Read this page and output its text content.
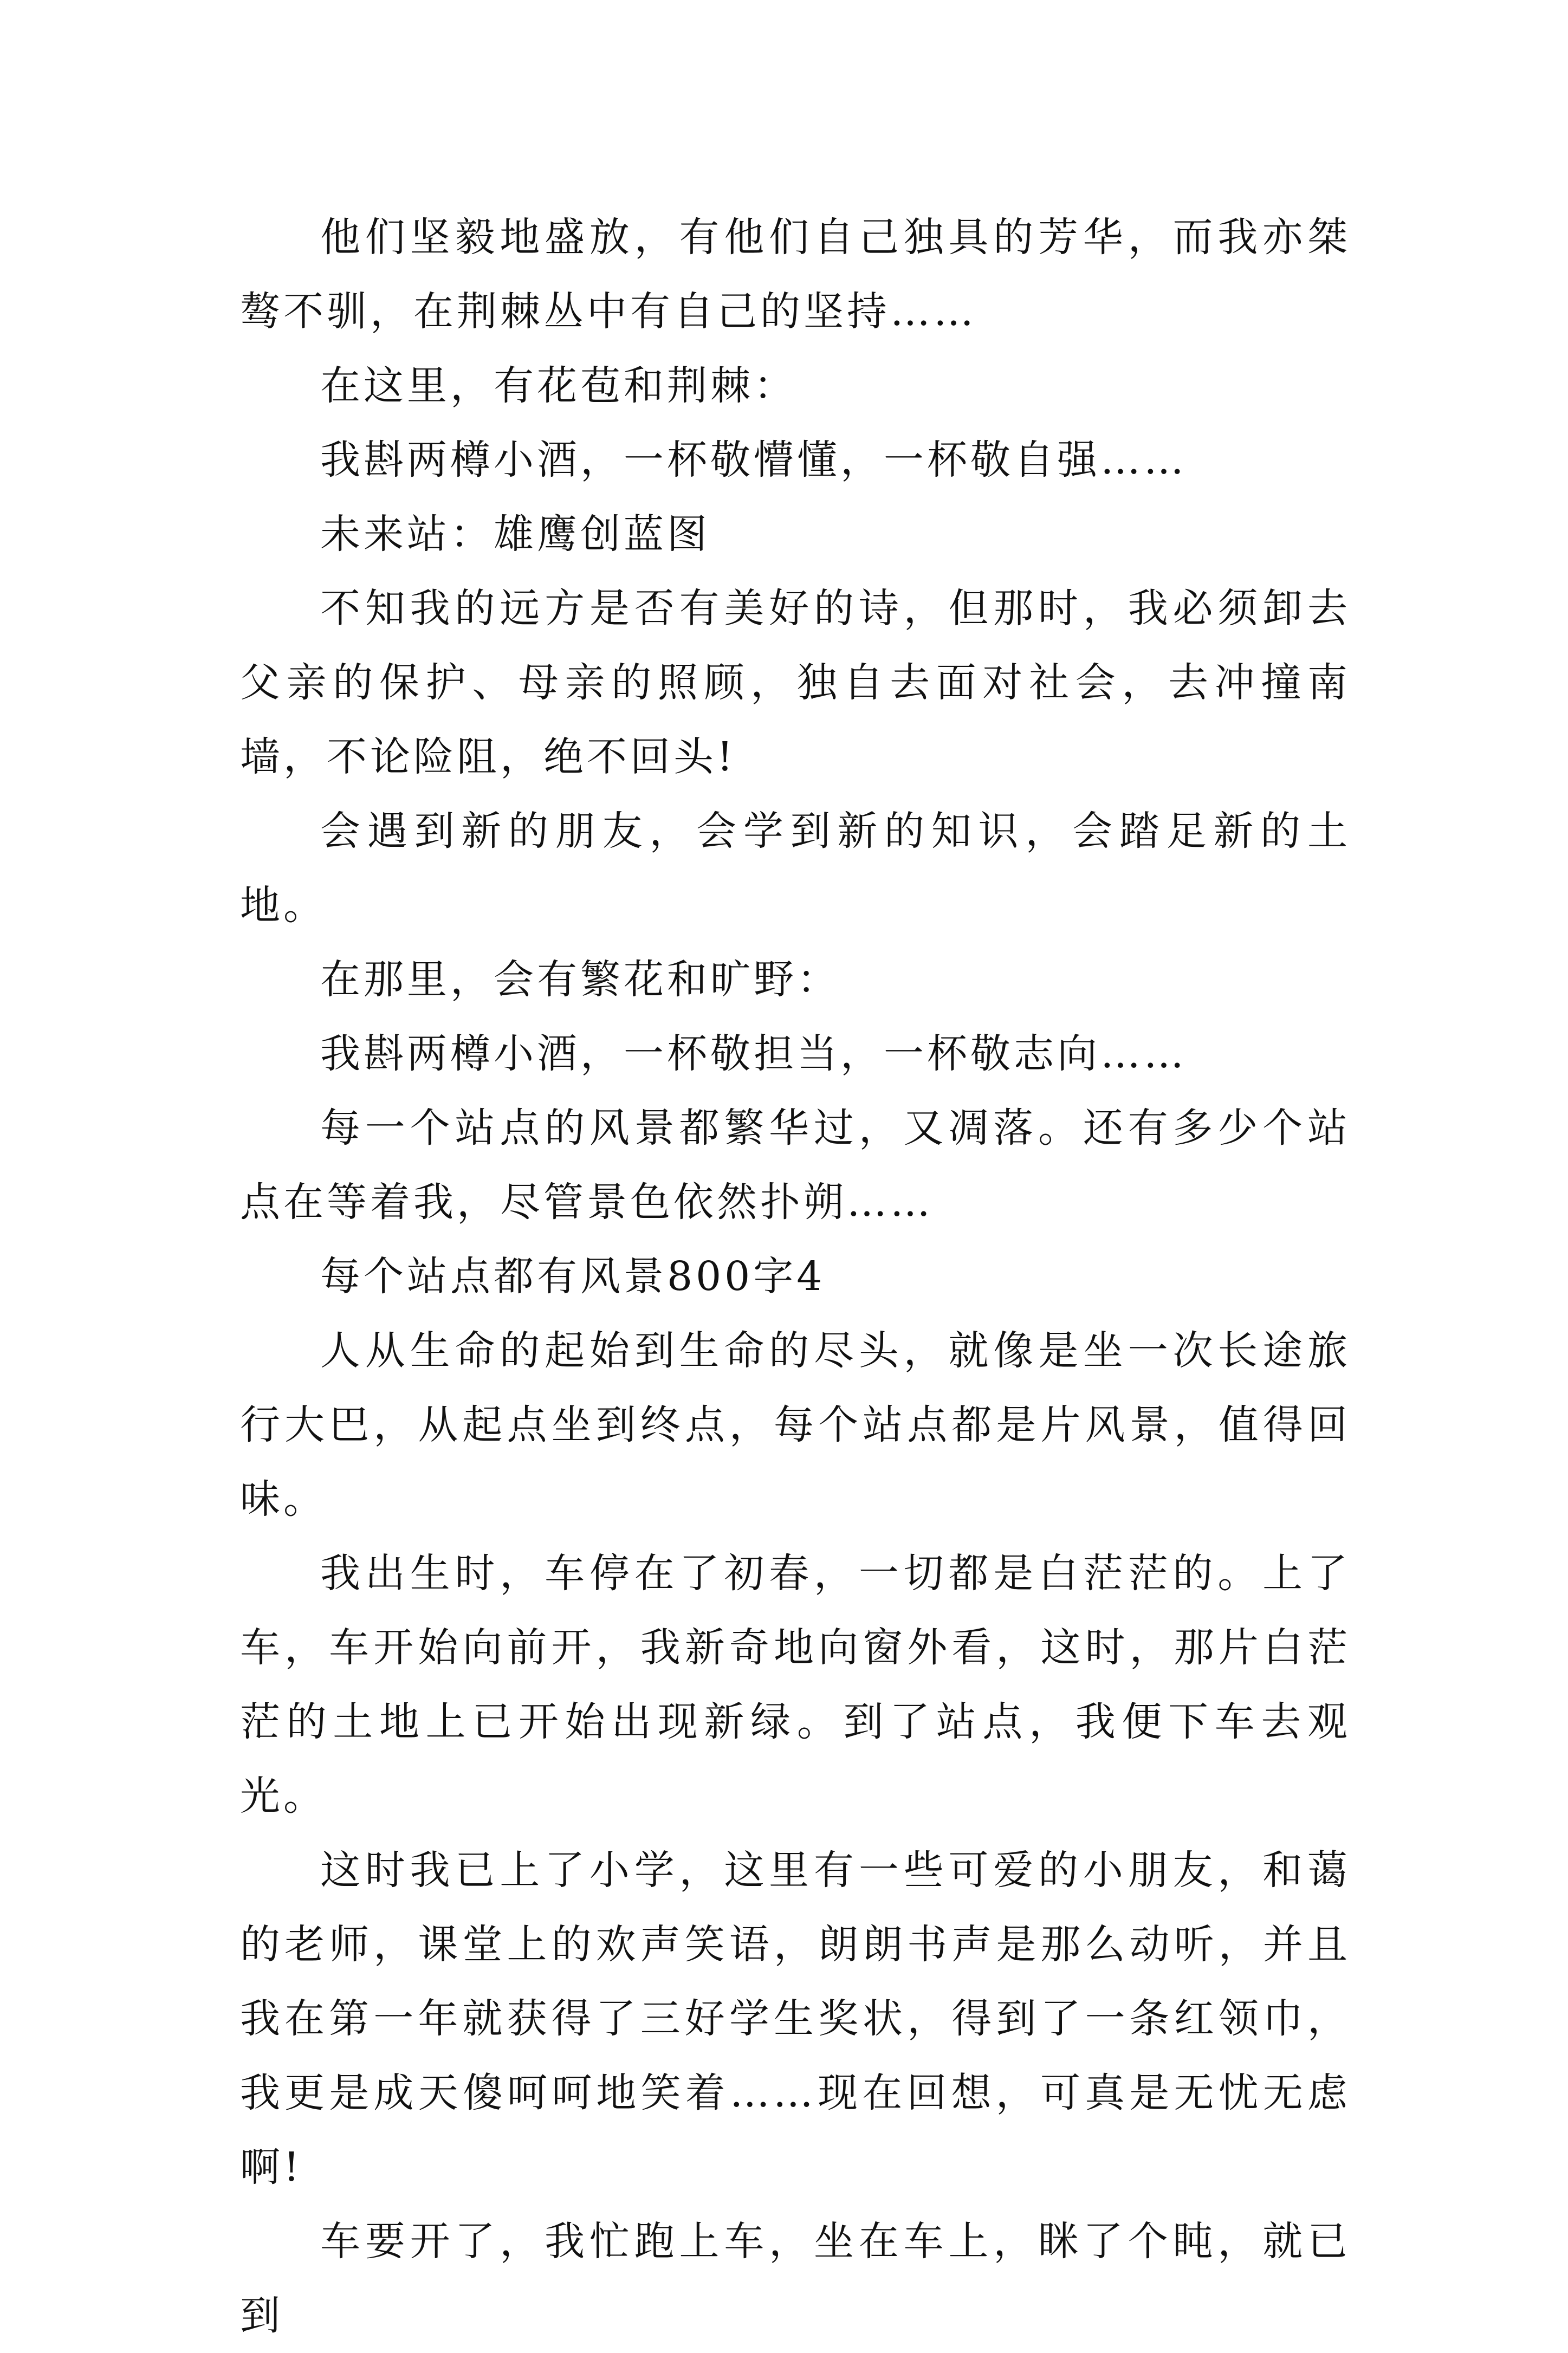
他们坚毅地盛放，有他们自己独具的芳华，而我亦桀骜不驯，在荆棘丛中有自己的坚持……

在这里，有花苞和荆棘：

我斟两樽小酒，一杯敬懵懂，一杯敬自强……

未来站：雄鹰创蓝图

不知我的远方是否有美好的诗，但那时，我必须卸去父亲的保护、母亲的照顾，独自去面对社会，去冲撞南墙，不论险阻，绝不回头!

会遇到新的朋友，会学到新的知识，会踏足新的土地。

在那里，会有繁花和旷野：

我斟两樽小酒，一杯敬担当，一杯敬志向……

每一个站点的风景都繁华过，又凋落。还有多少个站点在等着我，尽管景色依然扑朔……

每个站点都有风景800字4

人从生命的起始到生命的尽头，就像是坐一次长途旅行大巴，从起点坐到终点，每个站点都是片风景，值得回味。

我出生时，车停在了初春，一切都是白茫茫的。上了车，车开始向前开，我新奇地向窗外看，这时，那片白茫茫的土地上已开始出现新绿。到了站点，我便下车去观光。

这时我已上了小学，这里有一些可爱的小朋友，和蔼的老师，课堂上的欢声笑语，朗朗书声是那么动听，并且我在第一年就获得了三好学生奖状，得到了一条红领巾，我更是成天傻呵呵地笑着……现在回想，可真是无忧无虑啊!

车要开了，我忙跑上车，坐在车上，眯了个盹，就已到
